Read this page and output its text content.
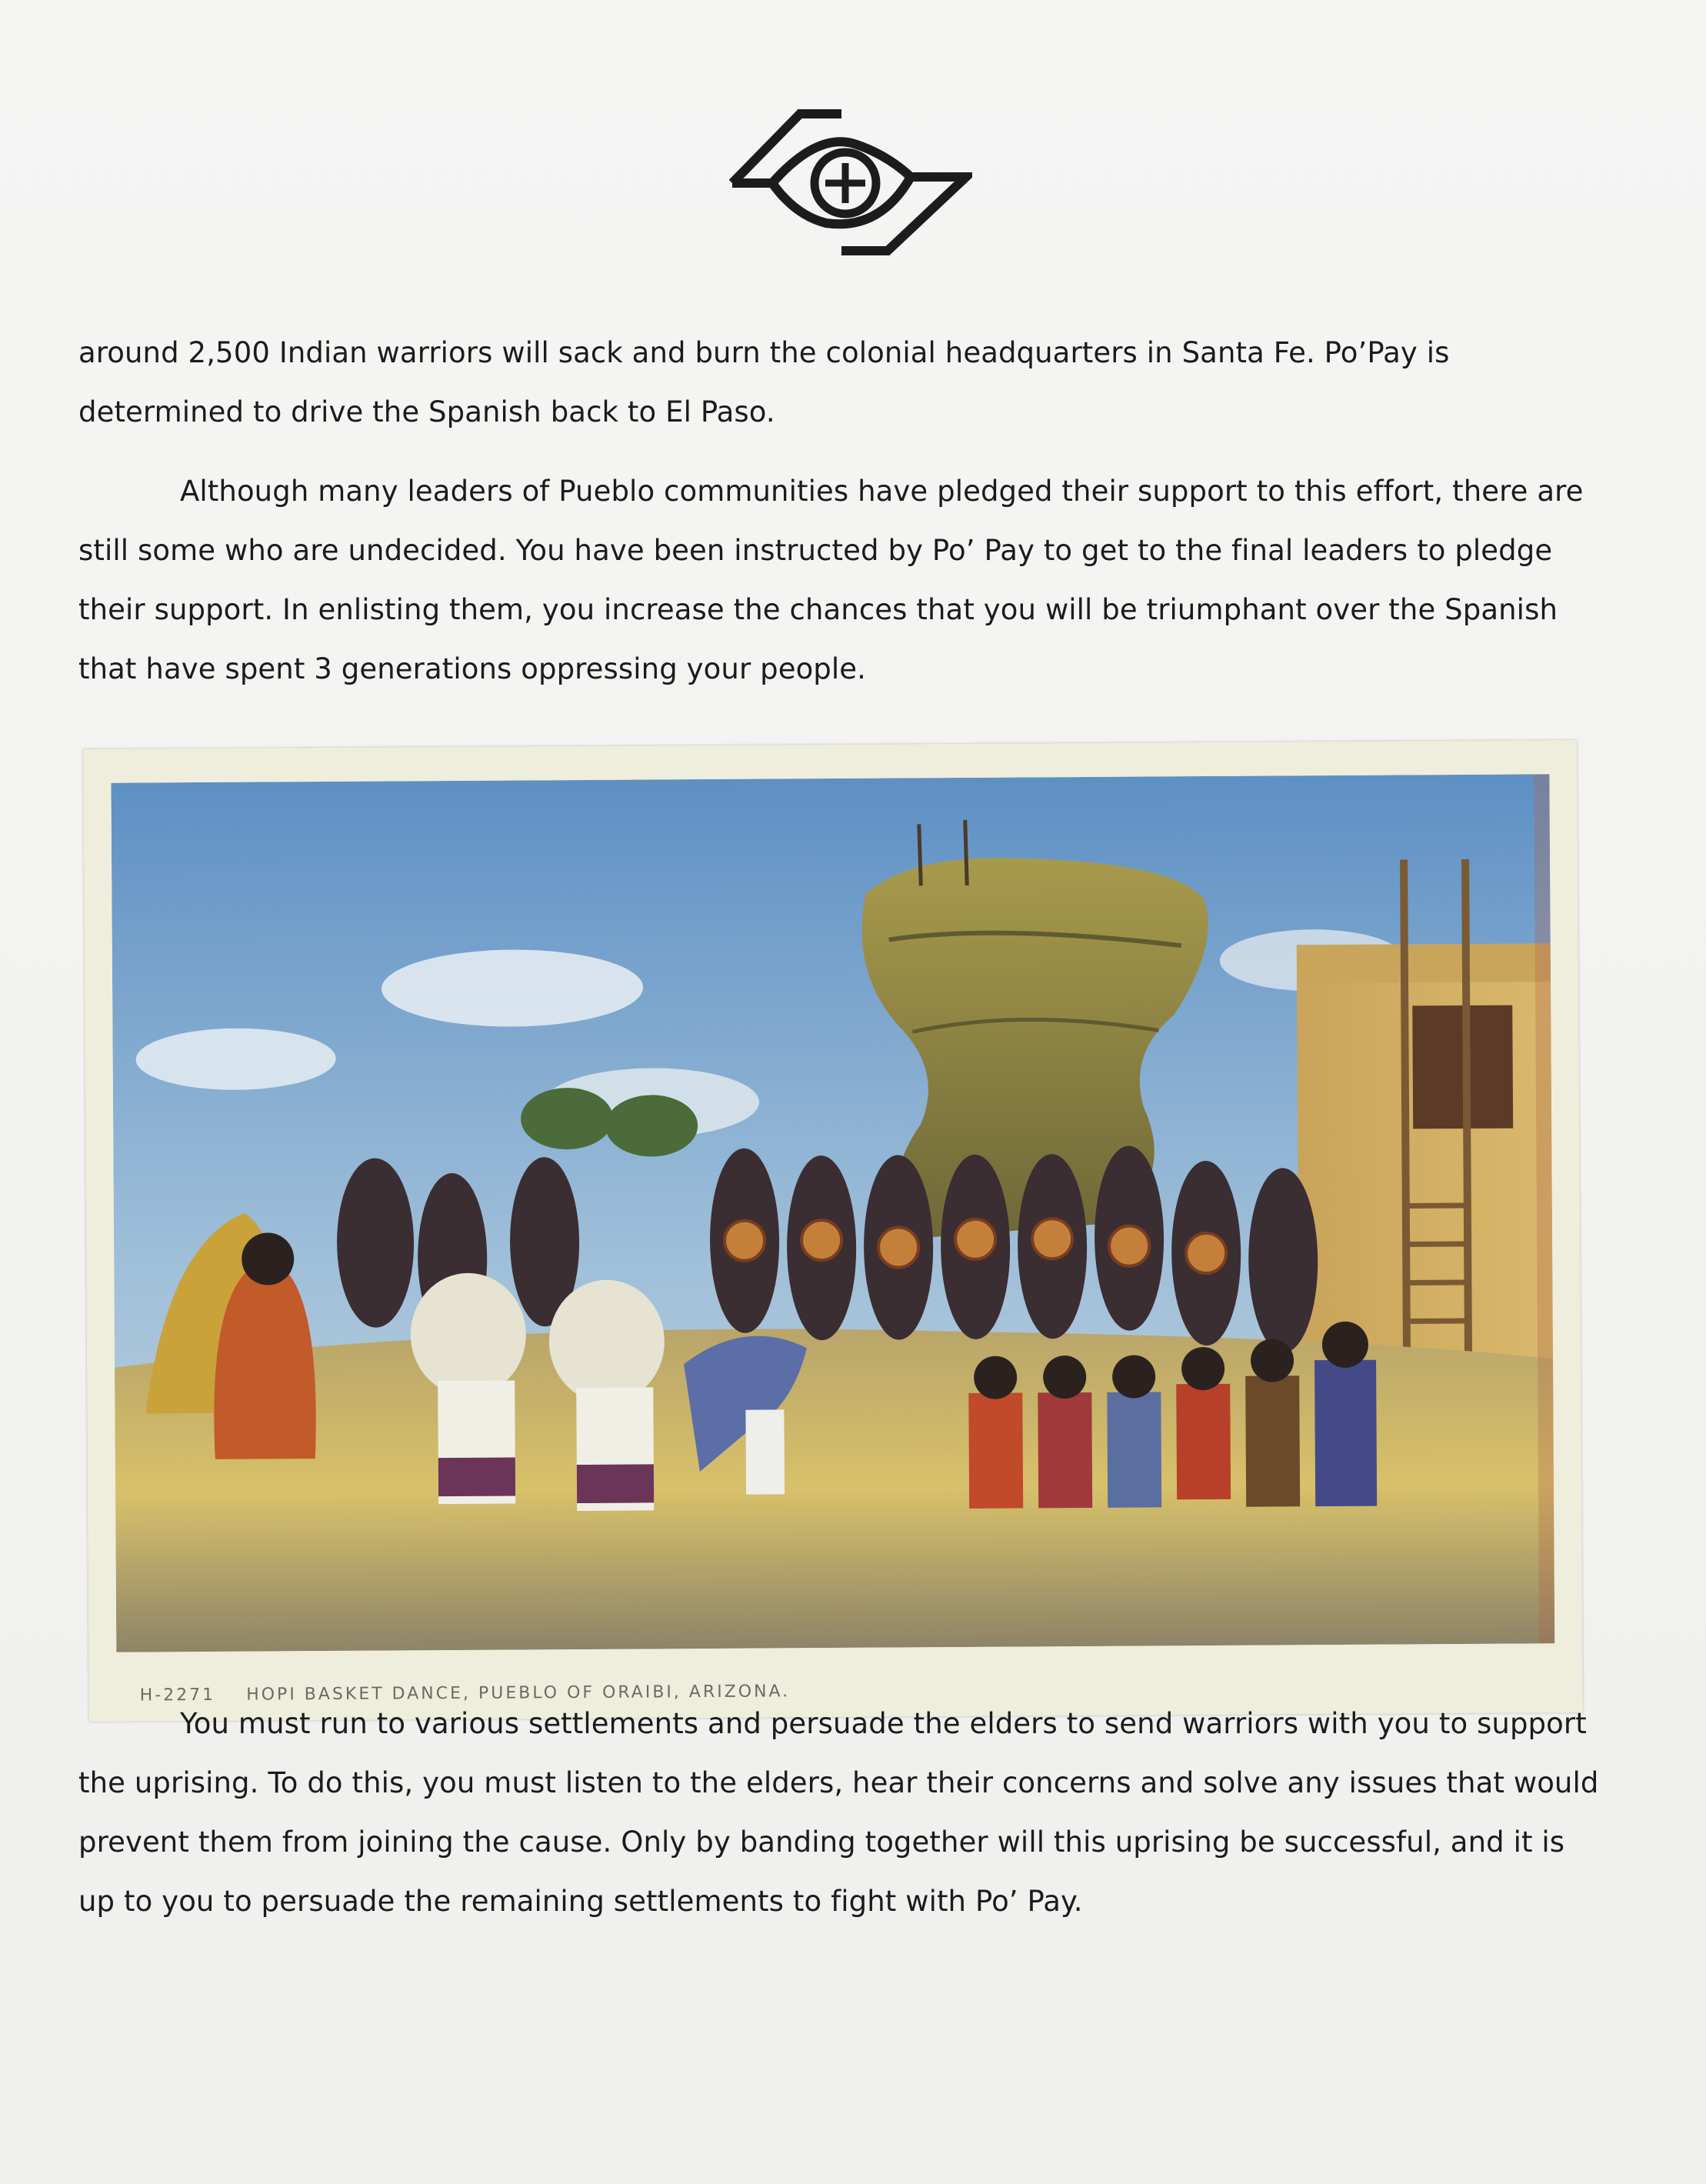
around 2,500 Indian warriors will sack and burn the colonial headquarters in Santa Fe. Po’Pay is determined to drive the Spanish back to El Paso.

Although many leaders of Pueblo communities have pledged their support to this effort, there are still some who are undecided. You have been instructed by Po’ Pay to get to the final leaders to pledge their support. In enlisting them, you increase the chances that you will be triumphant over the Spanish that have spent 3 generations oppressing your people.

H-2271 HOPI BASKET DANCE, PUEBLO OF ORAIBI, ARIZONA.

You must run to various settlements and persuade the elders to send warriors with you to support the uprising. To do this, you must listen to the elders, hear their concerns and solve any issues that would prevent them from joining the cause. Only by banding together will this uprising be successful, and it is up to you to persuade the remaining settlements to fight with Po’ Pay.
